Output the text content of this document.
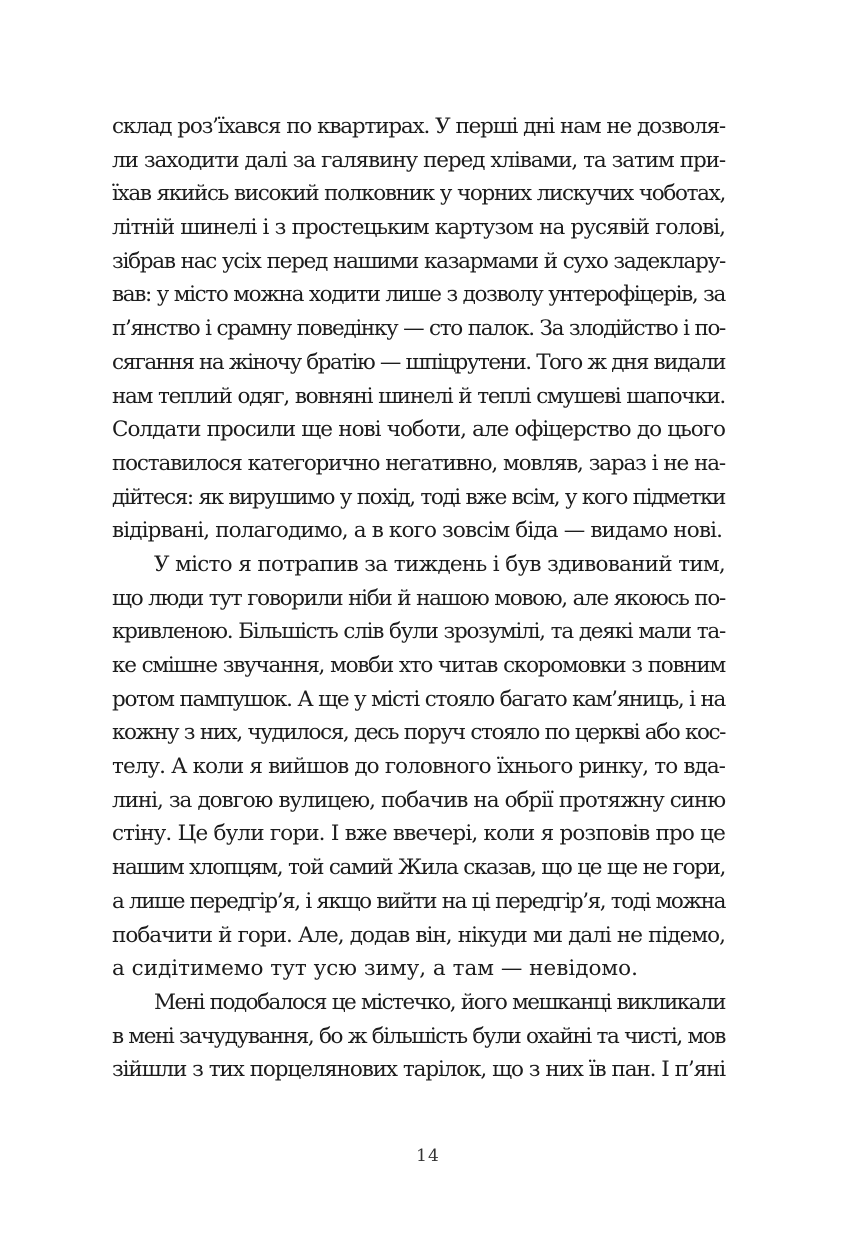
склад роз’їхався по квартирах. У перші дні нам не дозволя-
ли заходити далі за галявину перед хлівами, та затим при-
їхав якийсь високий полковник у чорних лискучих чоботах,
літній шинелі і з простецьким картузом на русявій голові,
зібрав нас усіх перед нашими казармами й сухо задеклару-
вав: у місто можна ходити лише з дозволу унтерофіцерів, за
п’янство і срамну поведінку — сто палок. За злодійство і по-
сягання на жіночу братію — шпіцрутени. Того ж дня видали
нам теплий одяг, вовняні шинелі й теплі смушеві шапочки.
Солдати просили ще нові чоботи, але офіцерство до цього
поставилося категорично негативно, мовляв, зараз і не на-
дійтеся: як вирушимо у похід, тоді вже всім, у кого підметки
відірвані, полагодимо, а в кого зовсім біда — видамо нові.
У місто я потрапив за тиждень і був здивований тим,
що люди тут говорили ніби й нашою мовою, але якоюсь по-
кривленою. Більшість слів були зрозумілі, та деякі мали та-
ке смішне звучання, мовби хто читав скоромовки з повним
ротом пампушок. А ще у місті стояло багато кам’яниць, і на
кожну з них, чудилося, десь поруч стояло по церкві або кос-
телу. А коли я вийшов до головного їхнього ринку, то вда-
лині, за довгою вулицею, побачив на обрії протяжну синю
стіну. Це були гори. І вже ввечері, коли я розповів про це
нашим хлопцям, той самий Жила сказав, що це ще не гори,
а лише передгір’я, і якщо вийти на ці передгір’я, тоді можна
побачити й гори. Але, додав він, нікуди ми далі не підемо,
а сидітимемо тут усю зиму, а там — невідомо.
Мені подобалося це містечко, його мешканці викликали
в мені зачудування, бо ж більшість були охайні та чисті, мов
зійшли з тих порцелянових тарілок, що з них їв пан. І п’яні
14
